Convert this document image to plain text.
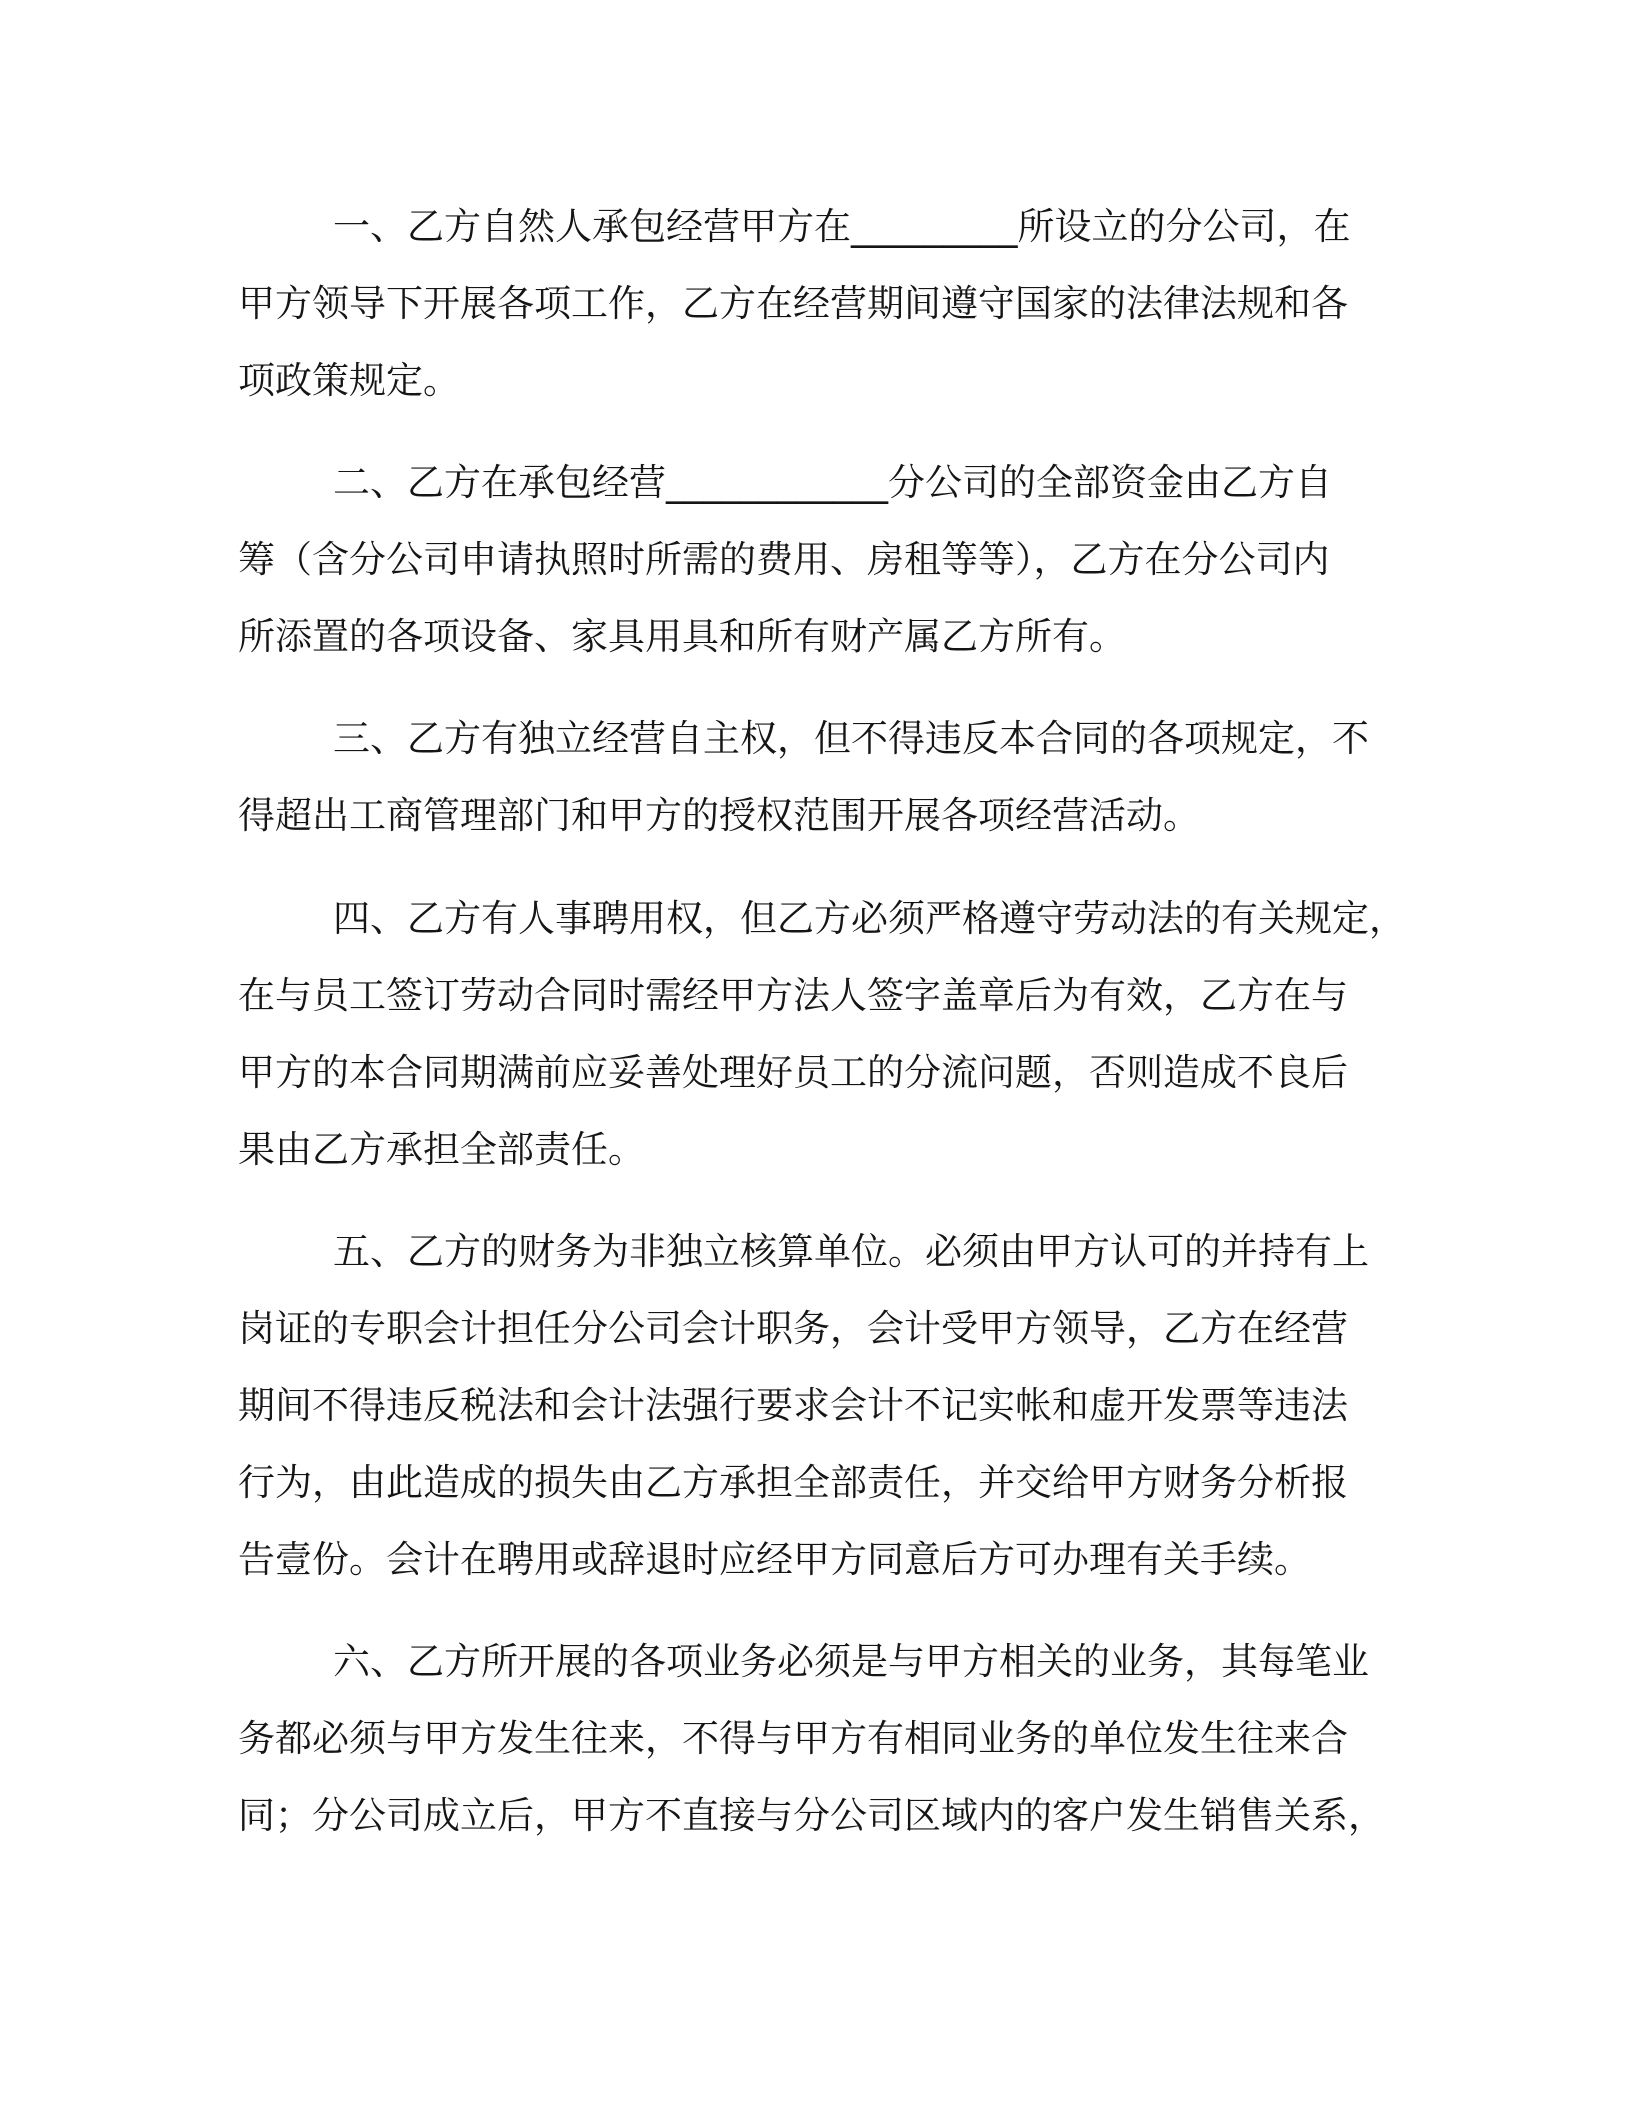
一、乙方自然人承包经营甲方在_________所设立的分公司，在
甲方领导下开展各项工作，乙方在经营期间遵守国家的法律法规和各
项政策规定。
二、乙方在承包经营____________分公司的全部资金由乙方自
筹（含分公司申请执照时所需的费用、房租等等），乙方在分公司内
所添置的各项设备、家具用具和所有财产属乙方所有。
三、乙方有独立经营自主权，但不得违反本合同的各项规定，不
得超出工商管理部门和甲方的授权范围开展各项经营活动。
四、乙方有人事聘用权，但乙方必须严格遵守劳动法的有关规定，
在与员工签订劳动合同时需经甲方法人签字盖章后为有效，乙方在与
甲方的本合同期满前应妥善处理好员工的分流问题，否则造成不良后
果由乙方承担全部责任。
五、乙方的财务为非独立核算单位。必须由甲方认可的并持有上
岗证的专职会计担任分公司会计职务，会计受甲方领导，乙方在经营
期间不得违反税法和会计法强行要求会计不记实帐和虚开发票等违法
行为，由此造成的损失由乙方承担全部责任，并交给甲方财务分析报
告壹份。会计在聘用或辞退时应经甲方同意后方可办理有关手续。
六、乙方所开展的各项业务必须是与甲方相关的业务，其每笔业
务都必须与甲方发生往来，不得与甲方有相同业务的单位发生往来合
同；分公司成立后，甲方不直接与分公司区域内的客户发生销售关系，
